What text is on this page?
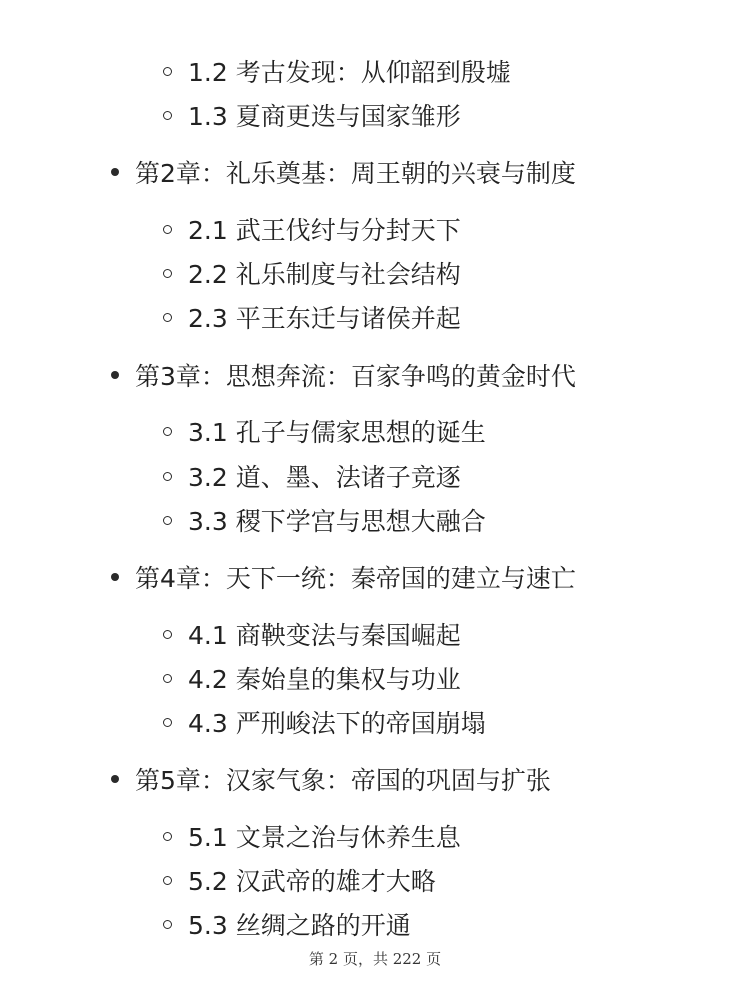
1.2 考古发现：从仰韶到殷墟
1.3 夏商更迭与国家雏形
第2章：礼乐奠基：周王朝的兴衰与制度
2.1 武王伐纣与分封天下
2.2 礼乐制度与社会结构
2.3 平王东迁与诸侯并起
第3章：思想奔流：百家争鸣的黄金时代
3.1 孔子与儒家思想的诞生
3.2 道、墨、法诸子竞逐
3.3 稷下学宫与思想大融合
第4章：天下一统：秦帝国的建立与速亡
4.1 商鞅变法与秦国崛起
4.2 秦始皇的集权与功业
4.3 严刑峻法下的帝国崩塌
第5章：汉家气象：帝国的巩固与扩张
5.1 文景之治与休养生息
5.2 汉武帝的雄才大略
5.3 丝绸之路的开通
第 2 页，共 222 页
